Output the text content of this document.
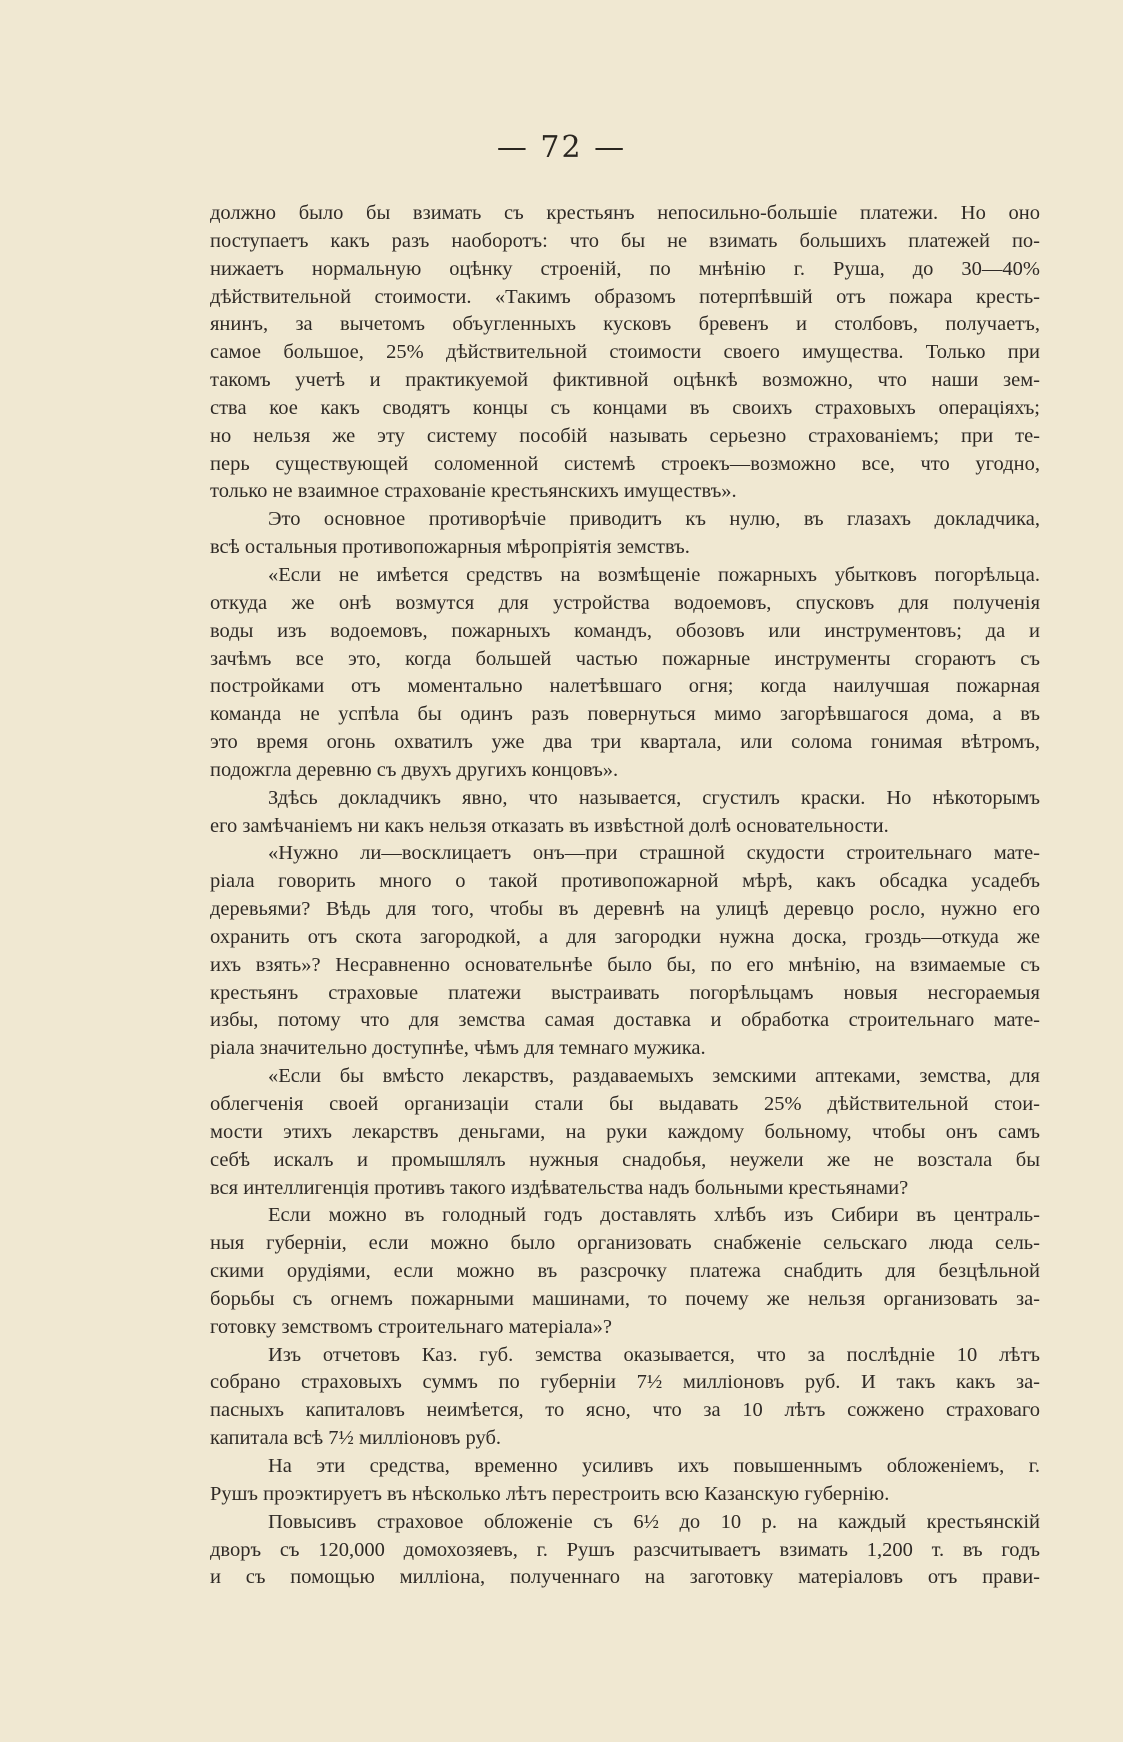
— 72 —
должно было бы взимать съ крестьянъ непосильно-большіе платежи. Но оно
поступаетъ какъ разъ наоборотъ: что бы не взимать большихъ платежей по-
нижаетъ нормальную оцѣнку строеній, по мнѣнію г. Руша, до 30—40%
дѣйствительной стоимости. «Такимъ образомъ потерпѣвшій отъ пожара кресть-
янинъ, за вычетомъ объугленныхъ кусковъ бревенъ и столбовъ, получаетъ,
самое большое, 25% дѣйствительной стоимости своего имущества. Только при
такомъ учетѣ и практикуемой фиктивной оцѣнкѣ возможно, что наши зем-
ства кое какъ сводятъ концы съ концами въ своихъ страховыхъ операціяхъ;
но нельзя же эту систему пособій называть серьезно страхованіемъ; при те-
перь существующей соломенной системѣ строекъ—возможно все, что угодно,
только не взаимное страхованіе крестьянскихъ имуществъ».
Это основное противорѣчіе приводитъ къ нулю, въ глазахъ докладчика,
всѣ остальныя противопожарныя мѣропріятія земствъ.
«Если не имѣется средствъ на возмѣщеніе пожарныхъ убытковъ погорѣльца.
откуда же онѣ возмутся для устройства водоемовъ, спусковъ для полученія
воды изъ водоемовъ, пожарныхъ командъ, обозовъ или инструментовъ; да и
зачѣмъ все это, когда большей частью пожарные инструменты сгораютъ съ
постройками отъ моментально налетѣвшаго огня; когда наилучшая пожарная
команда не успѣла бы одинъ разъ повернуться мимо загорѣвшагося дома, а въ
это время огонь охватилъ уже два три квартала, или солома гонимая вѣтромъ,
подожгла деревню съ двухъ другихъ концовъ».
Здѣсь докладчикъ явно, что называется, сгустилъ краски. Но нѣкоторымъ
его замѣчаніемъ ни какъ нельзя отказать въ извѣстной долѣ основательности.
«Нужно ли—восклицаетъ онъ—при страшной скудости строительнаго мате-
ріала говорить много о такой противопожарной мѣрѣ, какъ обсадка усадебъ
деревьями? Вѣдь для того, чтобы въ деревнѣ на улицѣ деревцо росло, нужно его
охранить отъ скота загородкой, а для загородки нужна доска, гроздь—откуда же
ихъ взять»? Несравненно основательнѣе было бы, по его мнѣнію, на взимаемые съ
крестьянъ страховые платежи выстраивать погорѣльцамъ новыя несгораемыя
избы, потому что для земства самая доставка и обработка строительнаго мате-
ріала значительно доступнѣе, чѣмъ для темнаго мужика.
«Если бы вмѣсто лекарствъ, раздаваемыхъ земскими аптеками, земства, для
облегченія своей организаціи стали бы выдавать 25% дѣйствительной стои-
мости этихъ лекарствъ деньгами, на руки каждому больному, чтобы онъ самъ
себѣ искалъ и промышлялъ нужныя снадобья, неужели же не возстала бы
вся интеллигенція противъ такого издѣвательства надъ больными крестьянами?
Если можно въ голодный годъ доставлять хлѣбъ изъ Сибири въ централь-
ныя губерніи, если можно было организовать снабженіе сельскаго люда сель-
скими орудіями, если можно въ разсрочку платежа снабдить для безцѣльной
борьбы съ огнемъ пожарными машинами, то почему же нельзя организовать за-
готовку земствомъ строительнаго матеріала»?
Изъ отчетовъ Каз. губ. земства оказывается, что за послѣдніе 10 лѣтъ
собрано страховыхъ суммъ по губерніи 7½ милліоновъ руб. И такъ какъ за-
пасныхъ капиталовъ неимѣется, то ясно, что за 10 лѣтъ сожжено страховаго
капитала всѣ 7½ милліоновъ руб.
На эти средства, временно усиливъ ихъ повышеннымъ обложеніемъ, г.
Рушъ проэктируетъ въ нѣсколько лѣтъ перестроить всю Казанскую губернію.
Повысивъ страховое обложеніе съ 6½ до 10 р. на каждый крестьянскій
дворъ съ 120,000 домохозяевъ, г. Рушъ разсчитываетъ взимать 1,200 т. въ годъ
и съ помощью милліона, полученнаго на заготовку матеріаловъ отъ прави-
